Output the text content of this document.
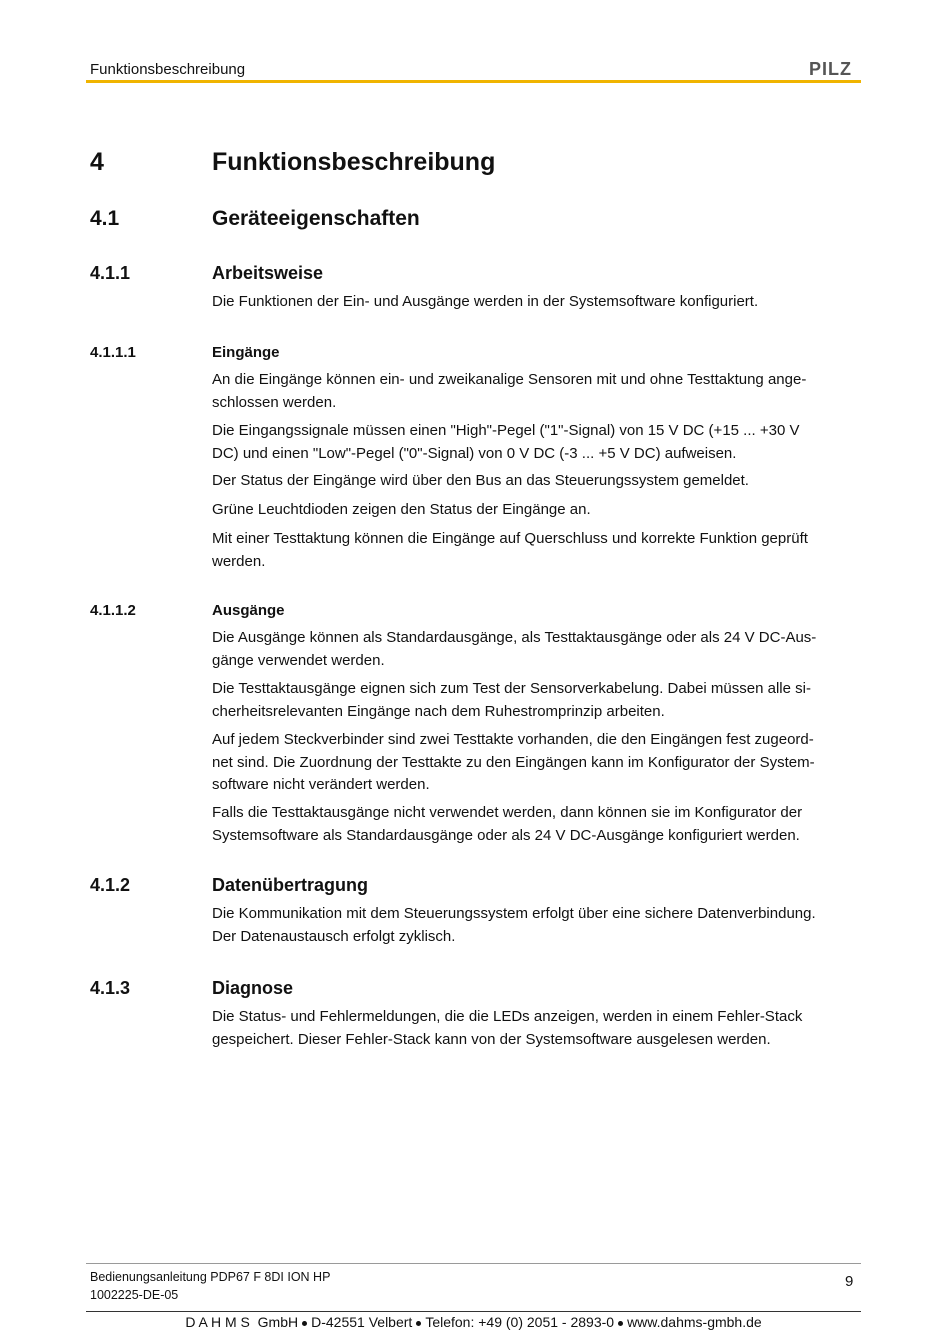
Funktionsbeschreibung	PILZ
4	Funktionsbeschreibung
4.1	Geräteeigenschaften
4.1.1	Arbeitsweise

Die Funktionen der Ein- und Ausgänge werden in der Systemsoftware konfiguriert.

4.1.1.1	Eingänge

An die Eingänge können ein- und zweikanalige Sensoren mit und ohne Testtaktung ange-
schlossen werden.

Die Eingangssignale müssen einen "High"-Pegel ("1"-Signal) von 15 V DC (+15 ... +30 V
DC) und einen "Low"-Pegel ("0"-Signal) von 0 V DC (-3 ... +5 V DC) aufweisen.

Der Status der Eingänge wird über den Bus an das Steuerungssystem gemeldet.

Grüne Leuchtdioden zeigen den Status der Eingänge an.

Mit einer Testtaktung können die Eingänge auf Querschluss und korrekte Funktion geprüft
werden.

4.1.1.2	Ausgänge

Die Ausgänge können als Standardausgänge, als Testtaktausgänge oder als 24 V DC-Aus-
gänge verwendet werden.

Die Testtaktausgänge eignen sich zum Test der Sensorverkabelung. Dabei müssen alle si-
cherheitsrelevanten Eingänge nach dem Ruhestromprinzip arbeiten.

Auf jedem Steckverbinder sind zwei Testtakte vorhanden, die den Eingängen fest zugeord-
net sind. Die Zuordnung der Testtakte zu den Eingängen kann im Konfigurator der System-
software nicht verändert werden.

Falls die Testtaktausgänge nicht verwendet werden, dann können sie im Konfigurator der
Systemsoftware als Standardausgänge oder als 24 V DC-Ausgänge konfiguriert werden.

4.1.2	Datenübertragung

Die Kommunikation mit dem Steuerungssystem erfolgt über eine sichere Datenverbindung.
Der Datenaustausch erfolgt zyklisch.

4.1.3	Diagnose

Die Status- und Fehlermeldungen, die die LEDs anzeigen, werden in einem Fehler-Stack
gespeichert. Dieser Fehler-Stack kann von der Systemsoftware ausgelesen werden.

Bedienungsanleitung PDP67 F 8DI ION HP
1002225-DE-05
9
D A H M S  GmbH D-42551 Velbert Telefon: +49 (0) 2051 - 2893-0 www.dahms-gmbh.de
